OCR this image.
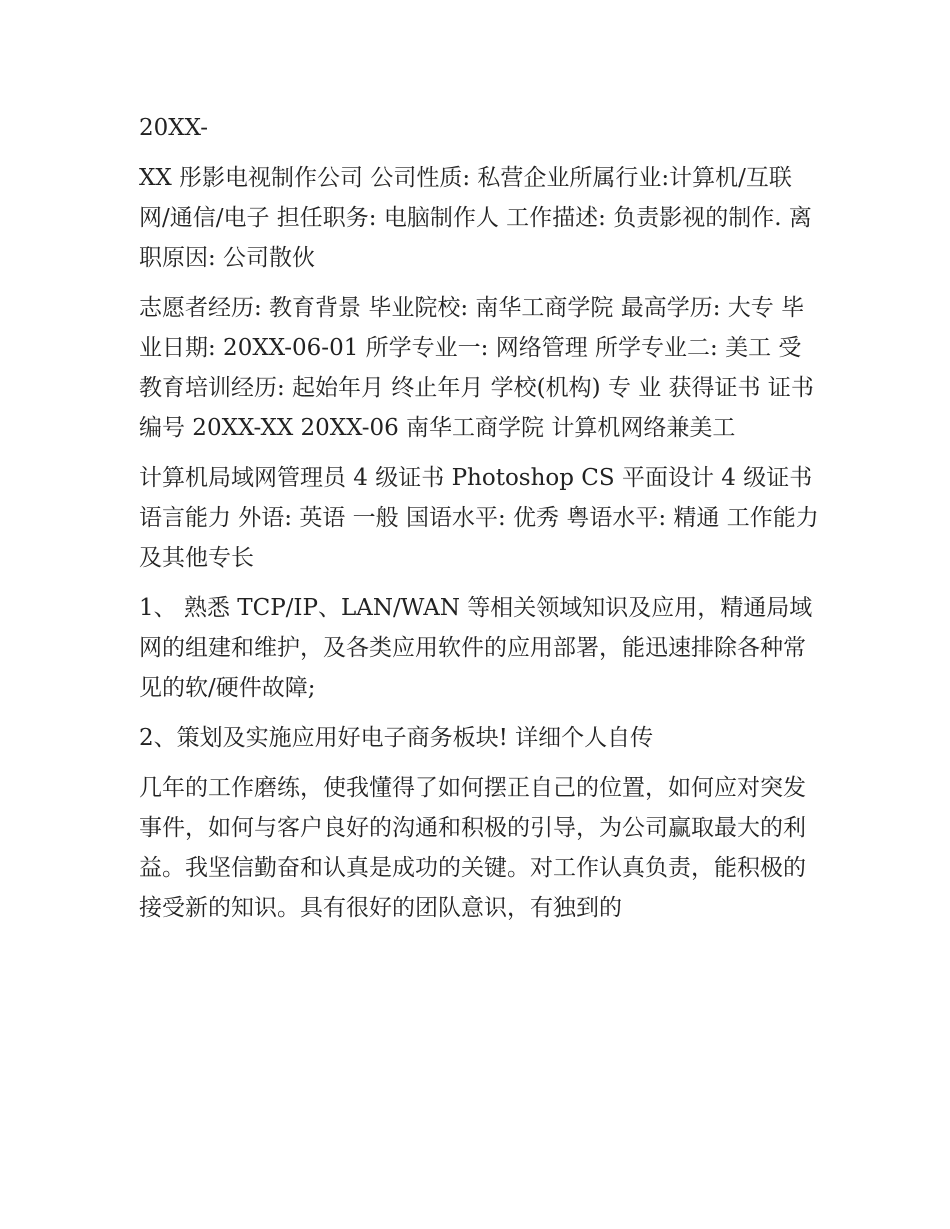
20XX-

XX 彤影电视制作公司 公司性质: 私营企业所属行业:计算机/互联网/通信/电子 担任职务: 电脑制作人 工作描述: 负责影视的制作. 离职原因: 公司散伙

志愿者经历: 教育背景 毕业院校: 南华工商学院 最高学历: 大专 毕业日期: 20XX-06-01 所学专业一: 网络管理 所学专业二: 美工 受教育培训经历: 起始年月 终止年月 学校(机构) 专 业 获得证书 证书编号 20XX-XX 20XX-06 南华工商学院 计算机网络兼美工

计算机局域网管理员 4 级证书 Photoshop CS 平面设计 4 级证书 语言能力 外语: 英语 一般 国语水平: 优秀 粤语水平: 精通 工作能力及其他专长

1、 熟悉 TCP/IP、LAN/WAN 等相关领域知识及应用，精通局域网的组建和维护，及各类应用软件的应用部署，能迅速排除各种常见的软/硬件故障;

2、策划及实施应用好电子商务板块! 详细个人自传

几年的工作磨练，使我懂得了如何摆正自己的位置，如何应对突发事件，如何与客户良好的沟通和积极的引导，为公司赢取最大的利益。我坚信勤奋和认真是成功的关键。对工作认真负责，能积极的接受新的知识。具有很好的团队意识，有独到的
